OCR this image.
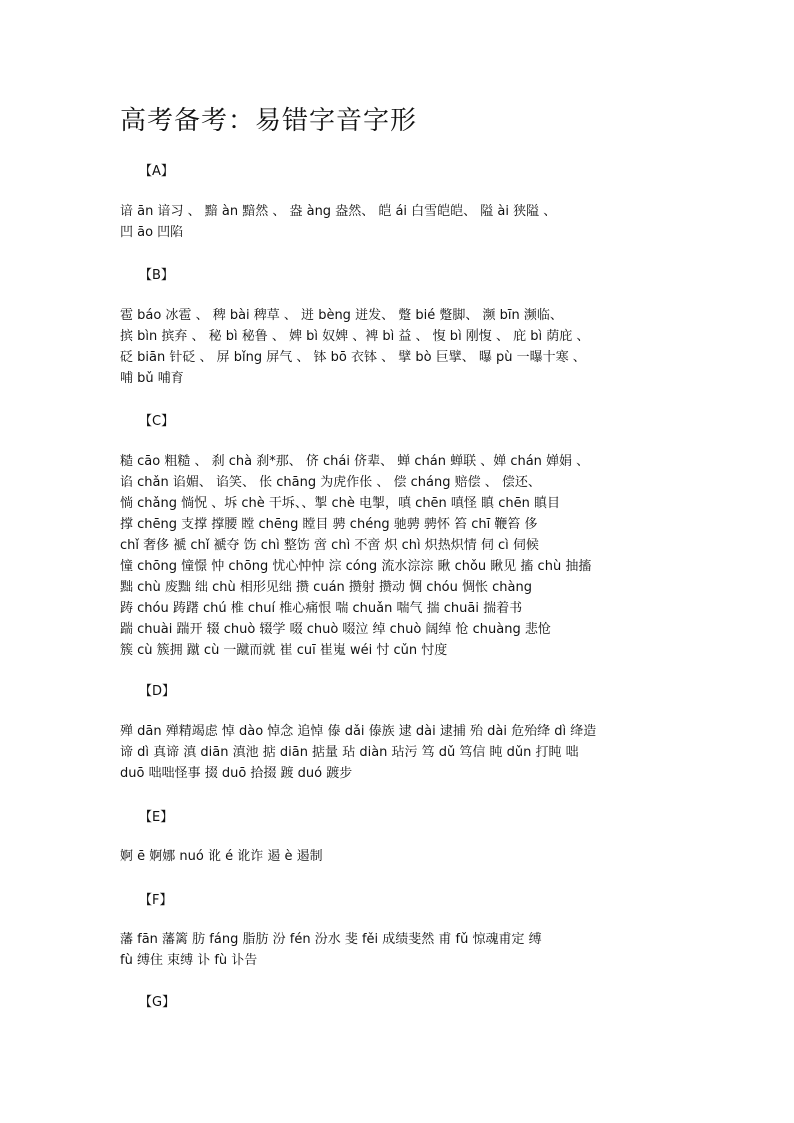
高考备考：易错字音字形
【A】
谙 ān 谙习 、 黯 àn 黯然 、 盎 àng 盎然、 皑 ái 白雪皑皑、 隘 ài 狭隘 、
凹 āo 凹陷
【B】
雹 báo 冰雹 、 稗 bài 稗草 、 迸 bèng 迸发、 蹩 bié 蹩脚、 濒 bīn 濒临、
摈 bìn 摈弃 、 秘 bì 秘鲁 、 婢 bì 奴婢 、裨 bì 益 、 愎 bì 刚愎 、 庇 bì 荫庇 、
砭 biān 针砭 、 屏 bǐng 屏气 、 钵 bō 衣钵 、 擘 bò 巨擘、 曝 pù 一曝十寒 、
哺 bǔ 哺育
【C】
糙 cāo 粗糙 、 刹 chà 刹*那、 侪 chái 侪辈、 蝉 chán 蝉联 、婵 chán 婵娟 、
谄 chǎn 谄媚、 谄笑、 伥 chāng 为虎作伥 、 偿 cháng 赔偿 、 偿还、
惝 chǎng 惝怳 、坼 chè 干坼、、掣 chè 电掣，嗔 chēn 嗔怪 瞋 chēn 瞋目
撑 chēng 支撑 撑腰 瞠 chēng 瞠目 骋 chéng 驰骋 骋怀 笞 chī 鞭笞 侈
chǐ 奢侈 褫 chǐ 褫夺 饬 chì 整饬 啻 chì 不啻 炽 chì 炽热炽情 伺 cì 伺候
憧 chōng 憧憬 忡 chōng 忧心忡忡 淙 cóng 流水淙淙 瞅 chǒu 瞅见 搐 chù 抽搐
黜 chù 废黜 绌 chù 相形见绌 攒 cuán 攒射 攒动 惆 chóu 惆怅 chàng
踌 chóu 踌躇 chú 椎 chuí 椎心痛恨 喘 chuǎn 喘气 揣 chuāi 揣着书
踹 chuài 踹开 辍 chuò 辍学 啜 chuò 啜泣 绰 chuò 阔绰 怆 chuàng 悲怆
簇 cù 簇拥 蹴 cù 一蹴而就 崔 cuī 崔嵬 wéi 忖 cǔn 忖度
【D】
殚 dān 殚精竭虑 悼 dào 悼念 追悼 傣 dǎi 傣族 逮 dài 逮捕 殆 dài 危殆绛 dì 绛造
谛 dì 真谛 滇 diān 滇池 掂 diān 掂量 玷 diàn 玷污 笃 dǔ 笃信 盹 dǔn 打盹 咄
duō 咄咄怪事 掇 duō 拾掇 踱 duó 踱步
【E】
婀 ē 婀娜 nuó 讹 é 讹诈 遏 è 遏制
【F】
藩 fān 藩篱 肪 fáng 脂肪 汾 fén 汾水 斐 fěi 成绩斐然 甫 fǔ 惊魂甫定 缚
fù 缚住 束缚 讣 fù 讣告
【G】
